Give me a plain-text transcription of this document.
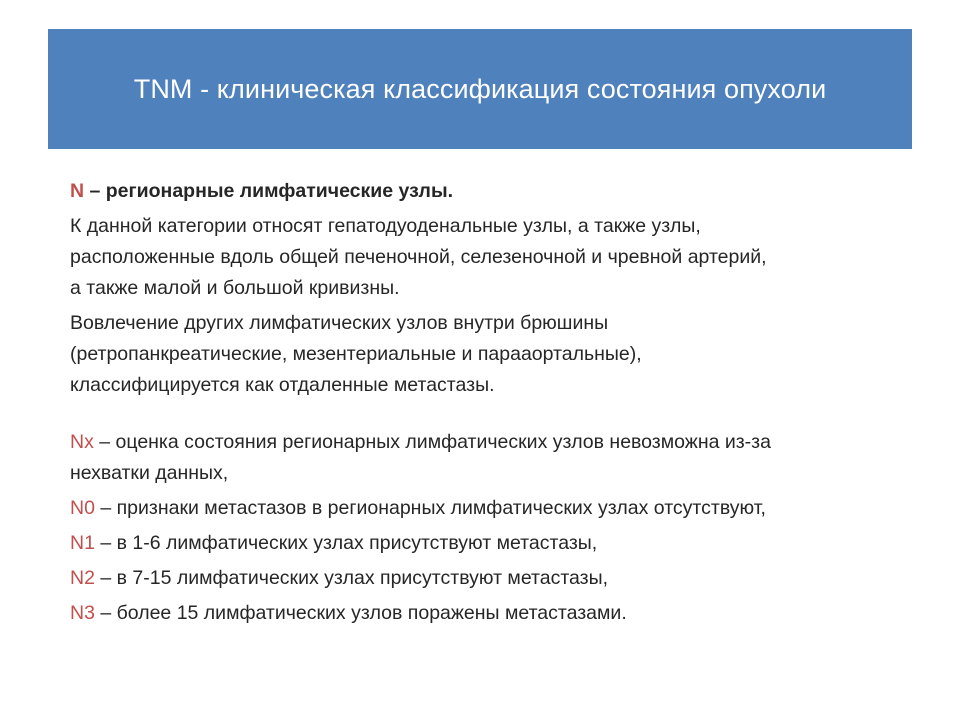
TNM - клиническая классификация состояния опухоли

N – регионарные лимфатические узлы.

К данной категории относят гепатодуоденальные узлы, а также узлы,
расположенные вдоль общей печеночной, селезеночной и чревной артерий,
а также малой и большой кривизны.

Вовлечение других лимфатических узлов внутри брюшины
(ретропанкреатические, мезентериальные и парааортальные),
классифицируется как отдаленные метастазы.

Nx – оценка состояния регионарных лимфатических узлов невозможна из-за
нехватки данных,

N0 – признаки метастазов в регионарных лимфатических узлах отсутствуют,

N1 – в 1-6 лимфатических узлах присутствуют метастазы,

N2 – в 7-15 лимфатических узлах присутствуют метастазы,

N3 – более 15 лимфатических узлов поражены метастазами.
